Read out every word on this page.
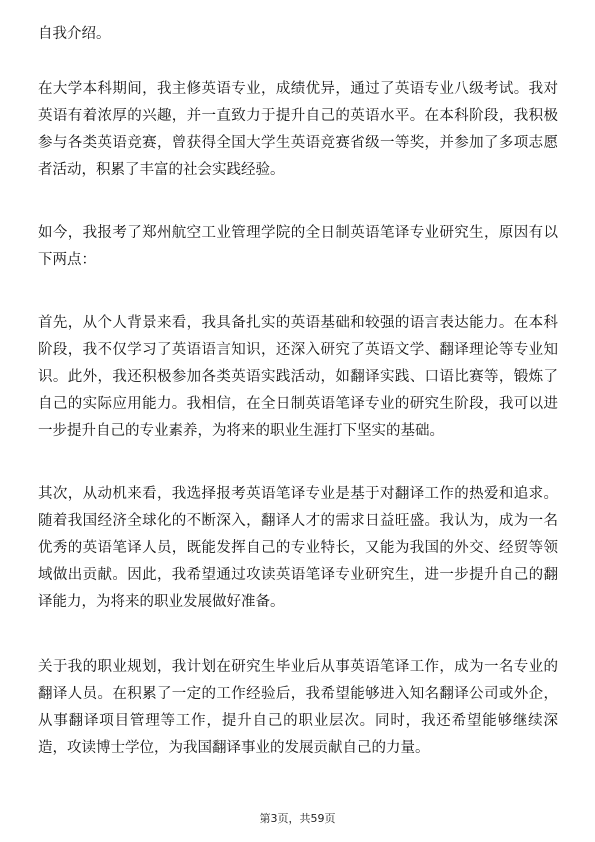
自我介绍。

在大学本科期间，我主修英语专业，成绩优异，通过了英语专业八级考试。我对英语有着浓厚的兴趣，并一直致力于提升自己的英语水平。在本科阶段，我积极参与各类英语竞赛，曾获得全国大学生英语竞赛省级一等奖，并参加了多项志愿者活动，积累了丰富的社会实践经验。

如今，我报考了郑州航空工业管理学院的全日制英语笔译专业研究生，原因有以下两点：

首先，从个人背景来看，我具备扎实的英语基础和较强的语言表达能力。在本科阶段，我不仅学习了英语语言知识，还深入研究了英语文学、翻译理论等专业知识。此外，我还积极参加各类英语实践活动，如翻译实践、口语比赛等，锻炼了自己的实际应用能力。我相信，在全日制英语笔译专业的研究生阶段，我可以进一步提升自己的专业素养，为将来的职业生涯打下坚实的基础。

其次，从动机来看，我选择报考英语笔译专业是基于对翻译工作的热爱和追求。随着我国经济全球化的不断深入，翻译人才的需求日益旺盛。我认为，成为一名优秀的英语笔译人员，既能发挥自己的专业特长，又能为我国的外交、经贸等领域做出贡献。因此，我希望通过攻读英语笔译专业研究生，进一步提升自己的翻译能力，为将来的职业发展做好准备。

关于我的职业规划，我计划在研究生毕业后从事英语笔译工作，成为一名专业的翻译人员。在积累了一定的工作经验后，我希望能够进入知名翻译公司或外企，从事翻译项目管理等工作，提升自己的职业层次。同时，我还希望能够继续深造，攻读博士学位，为我国翻译事业的发展贡献自己的力量。

第3页，共59页
